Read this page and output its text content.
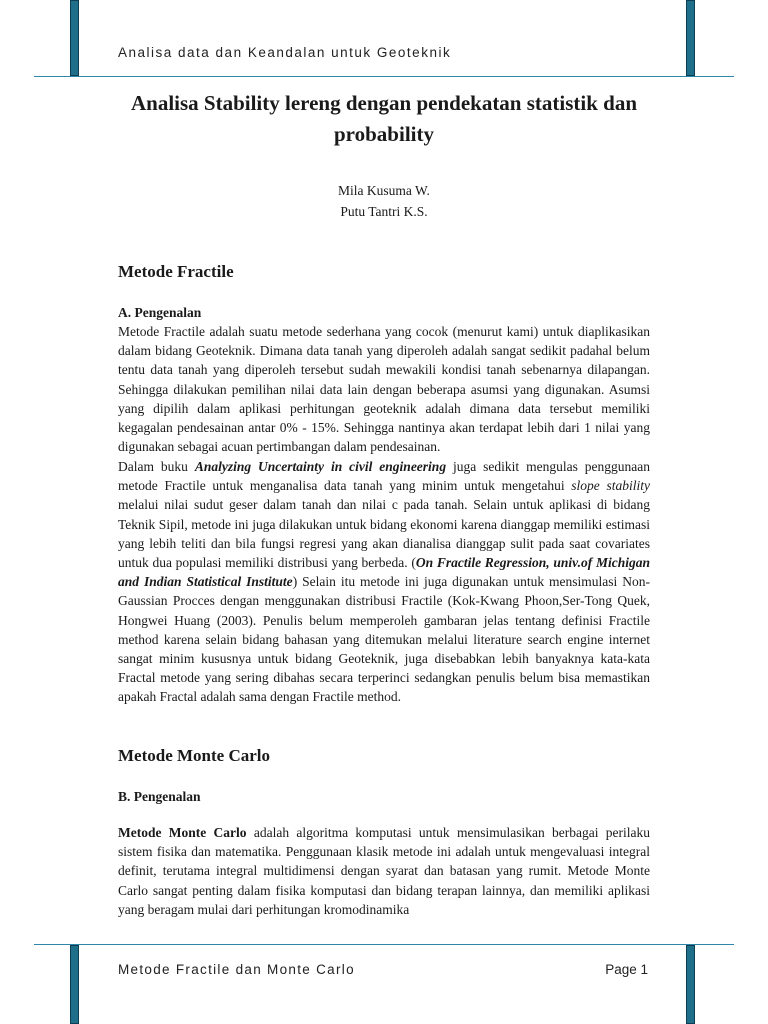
Analisa data dan Keandalan untuk Geoteknik
Analisa Stability lereng dengan pendekatan statistik dan probability
Mila Kusuma W.
Putu Tantri K.S.
Metode Fractile
A. Pengenalan
Metode Fractile adalah suatu metode sederhana yang cocok (menurut kami) untuk diaplikasikan dalam bidang Geoteknik. Dimana data tanah yang diperoleh adalah sangat sedikit padahal belum tentu data tanah yang diperoleh tersebut sudah mewakili kondisi tanah sebenarnya dilapangan. Sehingga dilakukan pemilihan nilai data lain dengan beberapa asumsi yang digunakan. Asumsi yang dipilih dalam aplikasi perhitungan geoteknik adalah dimana data tersebut memiliki kegagalan pendesainan antar 0% - 15%. Sehingga nantinya akan terdapat lebih dari 1 nilai yang digunakan sebagai acuan pertimbangan dalam pendesainan.
Dalam buku Analyzing Uncertainty in civil engineering juga sedikit mengulas penggunaan metode Fractile untuk menganalisa data tanah yang minim untuk mengetahui slope stability melalui nilai sudut geser dalam tanah dan nilai c pada tanah. Selain untuk aplikasi di bidang Teknik Sipil, metode ini juga dilakukan untuk bidang ekonomi karena dianggap memiliki estimasi yang lebih teliti dan bila fungsi regresi yang akan dianalisa dianggap sulit pada saat covariates untuk dua populasi memiliki distribusi yang berbeda. (On Fractile Regression, univ.of Michigan and Indian Statistical Institute) Selain itu metode ini juga digunakan untuk mensimulasi Non-Gaussian Procces dengan menggunakan distribusi Fractile (Kok-Kwang Phoon,Ser-Tong Quek, Hongwei Huang (2003). Penulis belum memperoleh gambaran jelas tentang definisi Fractile method karena selain bidang bahasan yang ditemukan melalui literature search engine internet sangat minim kususnya untuk bidang Geoteknik, juga disebabkan lebih banyaknya kata-kata Fractal metode yang sering dibahas secara terperinci sedangkan penulis belum bisa memastikan apakah Fractal adalah sama dengan Fractile method.
Metode Monte Carlo
B. Pengenalan
Metode Monte Carlo adalah algoritma komputasi untuk mensimulasikan berbagai perilaku sistem fisika dan matematika. Penggunaan klasik metode ini adalah untuk mengevaluasi integral definit, terutama integral multidimensi dengan syarat dan batasan yang rumit. Metode Monte Carlo sangat penting dalam fisika komputasi dan bidang terapan lainnya, dan memiliki aplikasi yang beragam mulai dari perhitungan kromodinamika
Metode Fractile dan Monte Carlo	Page 1
